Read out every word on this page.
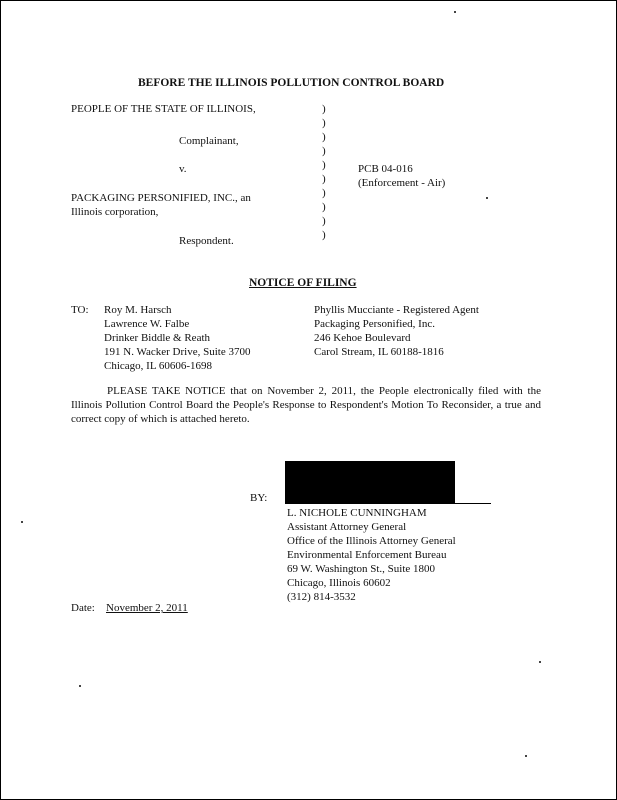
BEFORE THE ILLINOIS POLLUTION CONTROL BOARD
PEOPLE OF THE STATE OF ILLINOIS,
Complainant,
v.
PACKAGING PERSONIFIED, INC., an
Illinois corporation,
Respondent.
)
)
)
)
)
)
)
)
)
)
PCB 04-016
(Enforcement - Air)
NOTICE OF FILING
TO: Roy M. Harsch
Lawrence W. Falbe
Drinker Biddle & Reath
191 N. Wacker Drive, Suite 3700
Chicago, IL 60606-1698
Phyllis Mucciante - Registered Agent
Packaging Personified, Inc.
246 Kehoe Boulevard
Carol Stream, IL 60188-1816
PLEASE TAKE NOTICE that on November 2, 2011, the People electronically filed with the Illinois Pollution Control Board the People's Response to Respondent's Motion To Reconsider, a true and correct copy of which is attached hereto.
BY:
L. NICHOLE CUNNINGHAM
Assistant Attorney General
Office of the Illinois Attorney General
Environmental Enforcement Bureau
69 W. Washington St., Suite 1800
Chicago, Illinois 60602
(312) 814-3532
Date: November 2, 2011
